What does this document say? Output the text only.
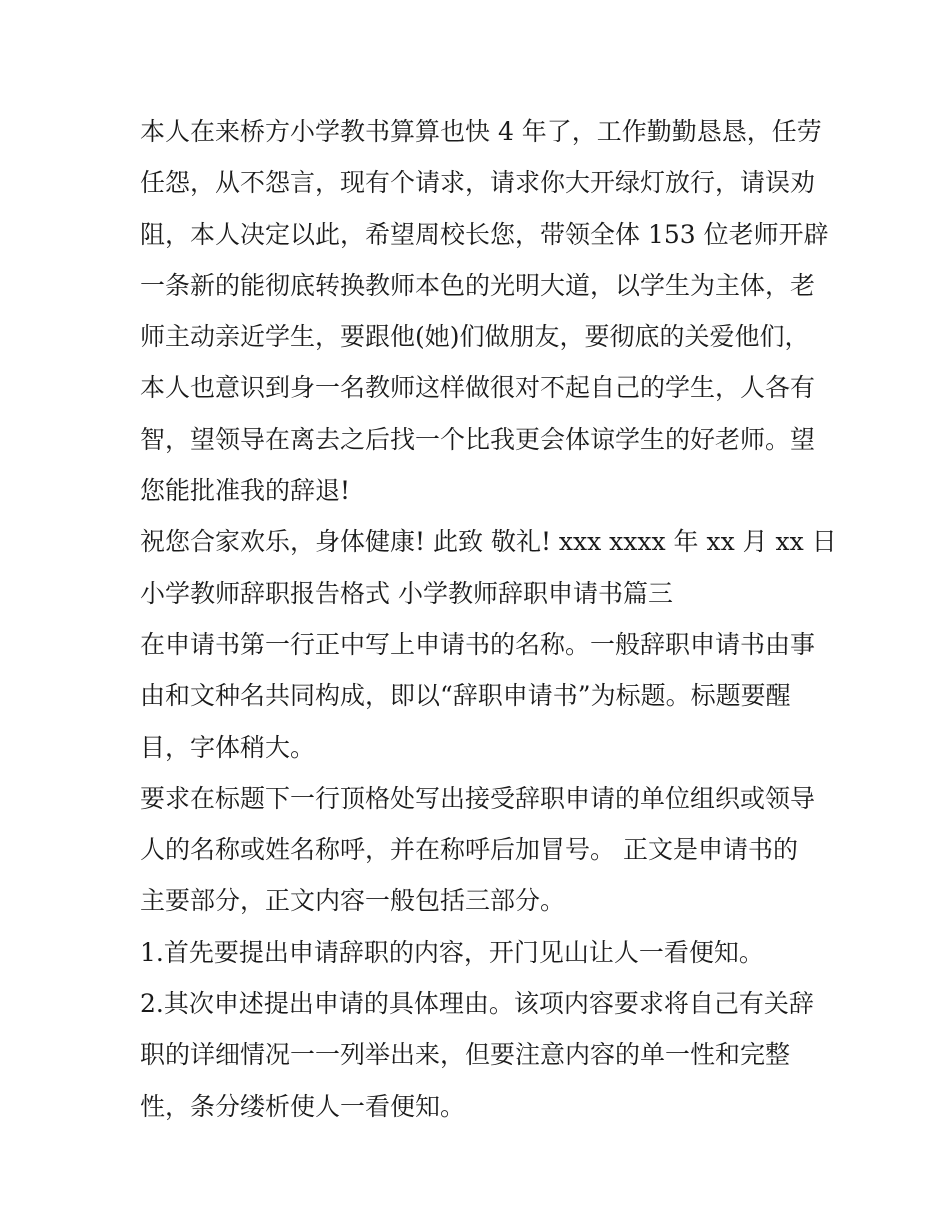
本人在来桥方小学教书算算也快 4 年了，工作勤勤恳恳，任劳
任怨，从不怨言，现有个请求，请求你大开绿灯放行，请误劝
阻，本人决定以此，希望周校长您，带领全体 153 位老师开辟
一条新的能彻底转换教师本色的光明大道，以学生为主体，老
师主动亲近学生，要跟他(她)们做朋友，要彻底的关爱他们，
本人也意识到身一名教师这样做很对不起自己的学生，人各有
智，望领导在离去之后找一个比我更会体谅学生的好老师。望
您能批准我的辞退!
祝您合家欢乐，身体健康! 此致 敬礼! xxx xxxx 年 xx 月 xx 日
小学教师辞职报告格式 小学教师辞职申请书篇三
在申请书第一行正中写上申请书的名称。一般辞职申请书由事
由和文种名共同构成，即以“辞职申请书”为标题。标题要醒
目，字体稍大。
要求在标题下一行顶格处写出接受辞职申请的单位组织或领导
人的名称或姓名称呼，并在称呼后加冒号。 正文是申请书的
主要部分，正文内容一般包括三部分。
1.首先要提出申请辞职的内容，开门见山让人一看便知。
2.其次申述提出申请的具体理由。该项内容要求将自己有关辞
职的详细情况一一列举出来，但要注意内容的单一性和完整
性，条分缕析使人一看便知。
